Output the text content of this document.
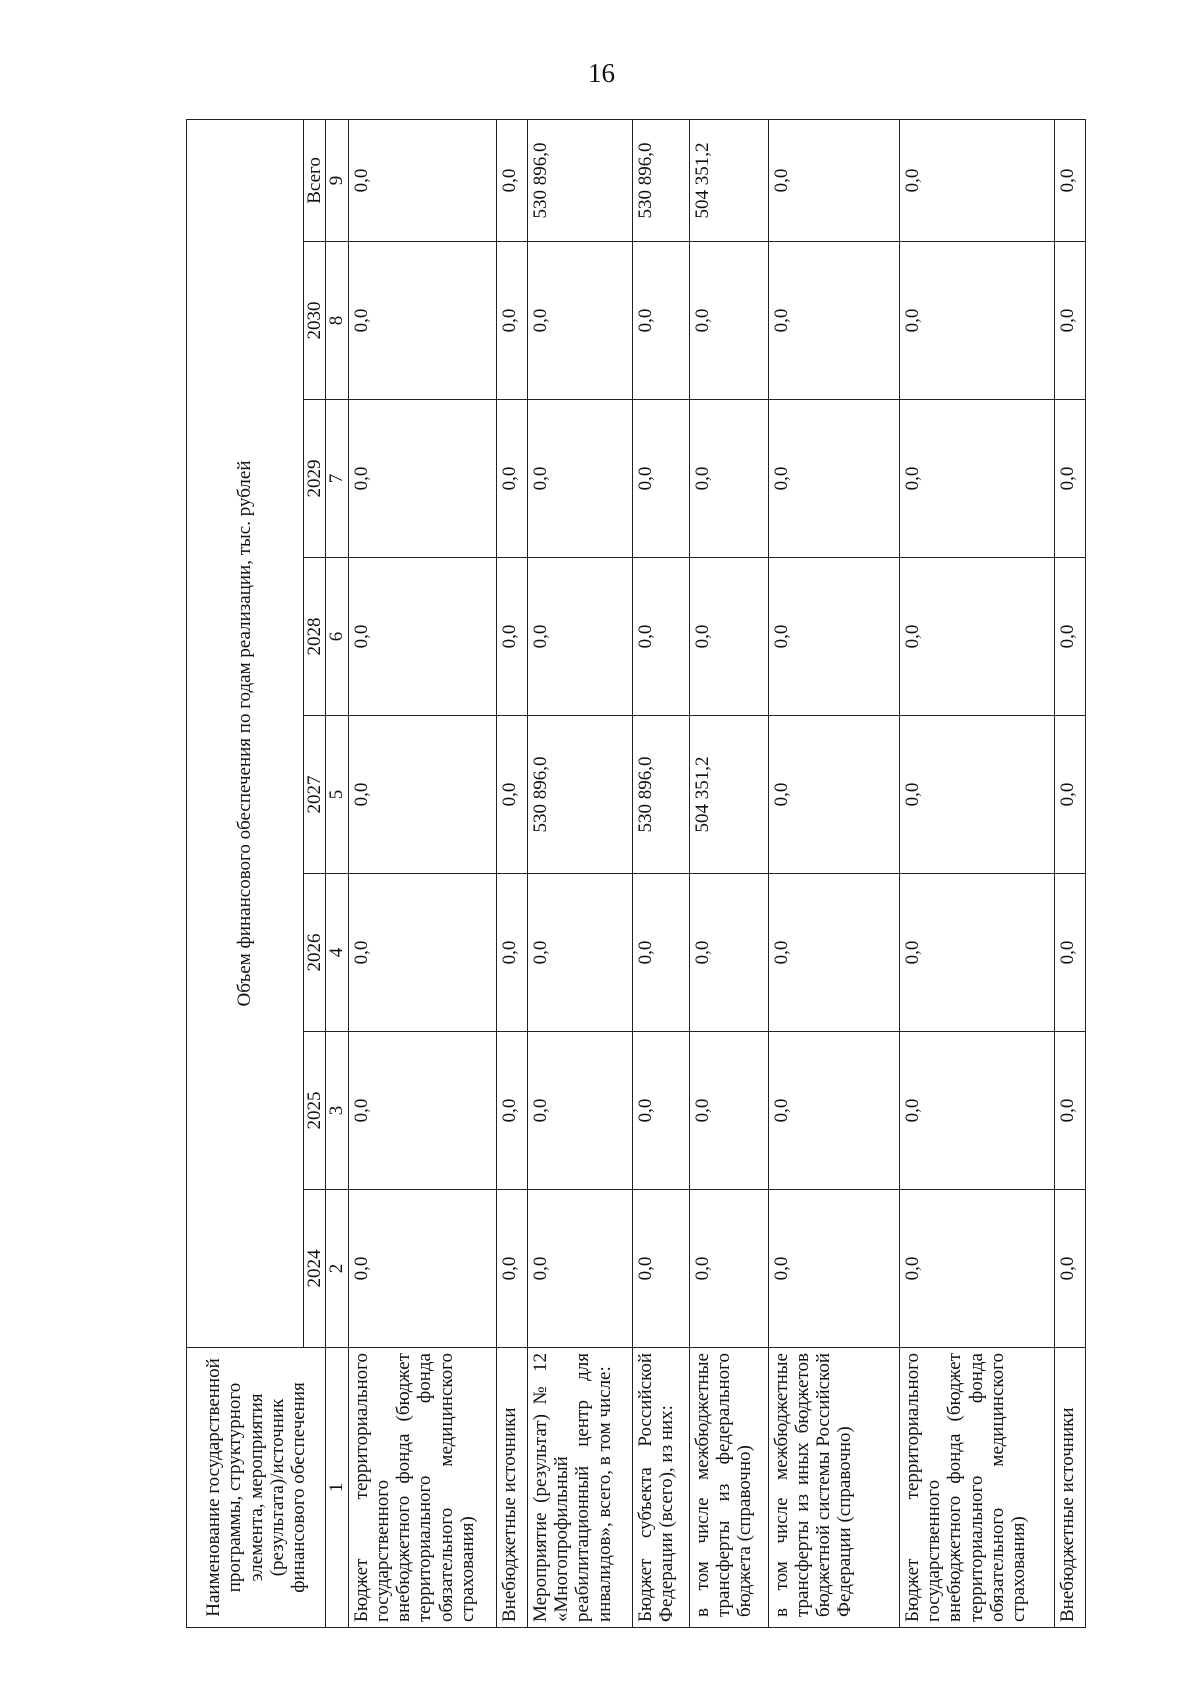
16
Наименование государственной программы, структурного элемента, мероприятия (результата)/источник финансового обеспечения	Объем финансового обеспечения по годам реализации, тыс. рублей							
	2024	2025	2026	2027	2028	2029	2030	Всего
1	2	3	4	5	6	7	8	9
Бюджет территориального государственного внебюджетного фонда (бюджет территориального фонда обязательного медицинского страхования)	0,0	0,0	0,0	0,0	0,0	0,0	0,0	0,0
Внебюджетные источники	0,0	0,0	0,0	0,0	0,0	0,0	0,0	0,0
Мероприятие (результат) № 12 «Многопрофильный реабилитационный центр для инвалидов», всего, в том числе:	0,0	0,0	0,0	530 896,0	0,0	0,0	0,0	530 896,0
Бюджет субъекта Российской Федерации (всего), из них:	0,0	0,0	0,0	530 896,0	0,0	0,0	0,0	530 896,0
в том числе межбюджетные трансферты из федерального бюджета (справочно)	0,0	0,0	0,0	504 351,2	0,0	0,0	0,0	504 351,2
в том числе межбюджетные трансферты из иных бюджетов бюджетной системы Российской Федерации (справочно)	0,0	0,0	0,0	0,0	0,0	0,0	0,0	0,0
Бюджет территориального государственного внебюджетного фонда (бюджет территориального фонда обязательного медицинского страхования)	0,0	0,0	0,0	0,0	0,0	0,0	0,0	0,0
Внебюджетные источники	0,0	0,0	0,0	0,0	0,0	0,0	0,0	0,0
